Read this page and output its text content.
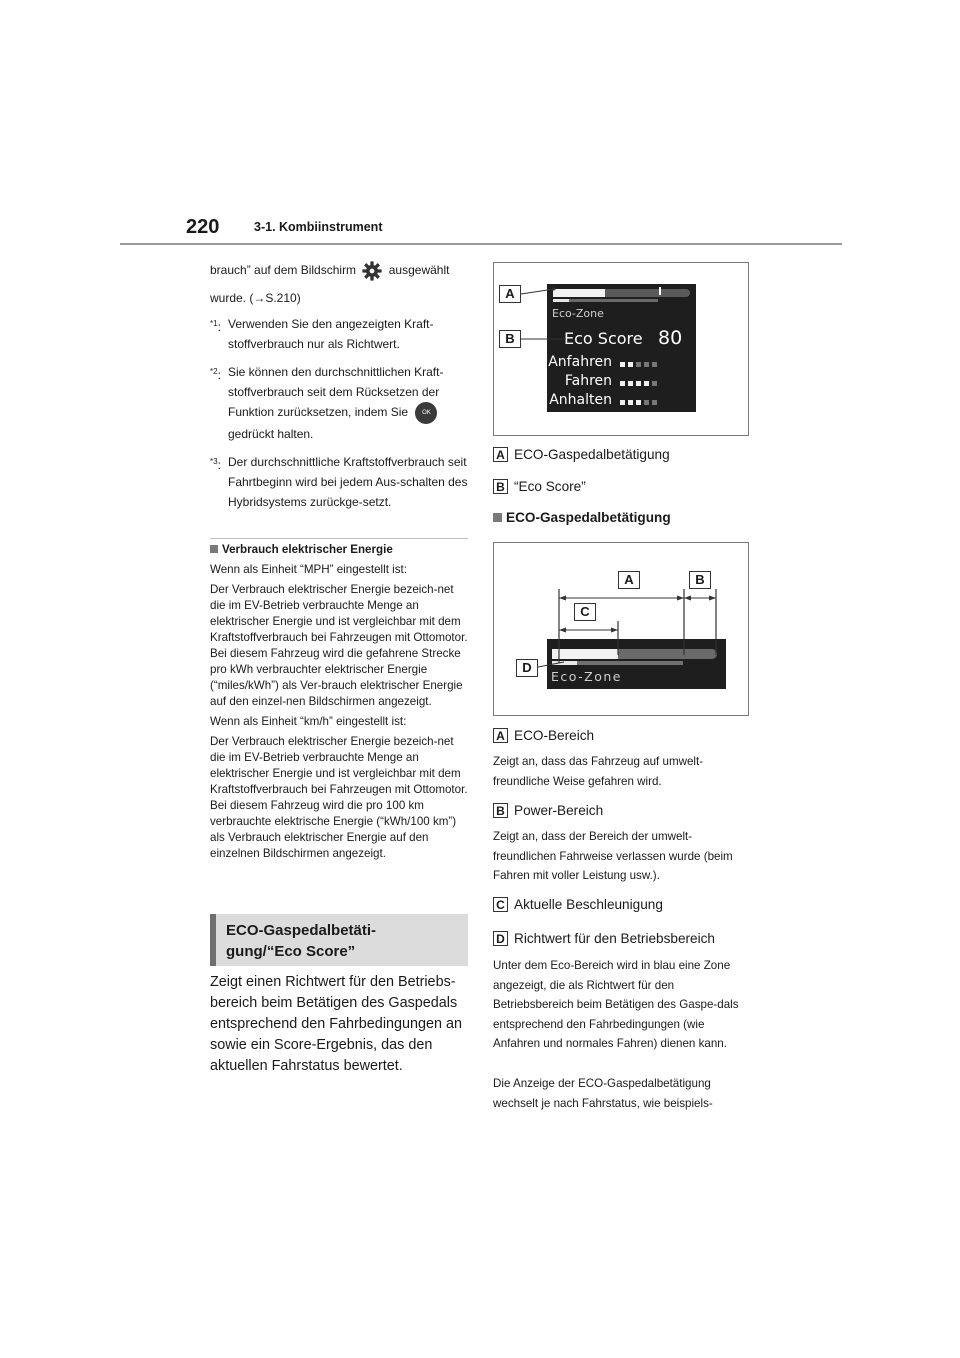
220	3-1. Kombiinstrument

brauch” auf dem Bildschirm	ausgewählt

wurde. (→S.210)

$^{*1}$: Verwenden Sie den angezeigten Kraft-stoffverbrauch nur als Richtwert.
$^{*2}$: Sie können den durchschnittlichen Kraft-stoffverbrauch seit dem Rücksetzen der Funktion zurücksetzen, indem Sie OK
gedrückt halten.
$^{*3}$: Der durchschnittliche Kraftstoffverbrauch seit Fahrtbeginn wird bei jedem Aus-schalten des Hybridsystems zurückge-setzt.

Verbrauch elektrischer Energie

Wenn als Einheit “MPH” eingestellt ist:

Der Verbrauch elektrischer Energie bezeich-net die im EV-Betrieb verbrauchte Menge an elektrischer Energie und ist vergleichbar mit dem Kraftstoffverbrauch bei Fahrzeugen mit Ottomotor. Bei diesem Fahrzeug wird die gefahrene Strecke pro kWh verbrauchter elektrischer Energie (“miles/kWh”) als Ver-brauch elektrischer Energie auf den einzel-nen Bildschirmen angezeigt.

Wenn als Einheit “km/h” eingestellt ist:

Der Verbrauch elektrischer Energie bezeich-net die im EV-Betrieb verbrauchte Menge an elektrischer Energie und ist vergleichbar mit dem Kraftstoffverbrauch bei Fahrzeugen mit Ottomotor. Bei diesem Fahrzeug wird die pro 100 km verbrauchte elektrische Energie (“kWh/100 km”) als Verbrauch elektrischer Energie auf den einzelnen Bildschirmen angezeigt.

ECO-Gaspedalbetäti-
gung/“Eco Score”
Zeigt einen Richtwert für den Betriebs-bereich beim Betätigen des Gaspedals entsprechend den Fahrbedingungen an sowie ein Score-Ergebnis, das den aktuellen Fahrstatus bewertet.
Eco-Zone
Eco Score 80
Anfahren
Fahren
Anhalten
A
B
A ECO-Gaspedalbetätigung
B “Eco Score”
ECO-Gaspedalbetätigung
Eco-Zone
A	B
C
D
A ECO-Bereich
Zeigt an, dass das Fahrzeug auf umwelt-freundliche Weise gefahren wird.
B Power-Bereich
Zeigt an, dass der Bereich der umwelt-freundlichen Fahrweise verlassen wurde (beim Fahren mit voller Leistung usw.).
C Aktuelle Beschleunigung
D Richtwert für den Betriebsbereich
Unter dem Eco-Bereich wird in blau eine Zone angezeigt, die als Richtwert für den Betriebsbereich beim Betätigen des Gaspe-dals entsprechend den Fahrbedingungen (wie Anfahren und normales Fahren) dienen kann.
Die Anzeige der ECO-Gaspedalbetätigung wechselt je nach Fahrstatus, wie beispiels-
